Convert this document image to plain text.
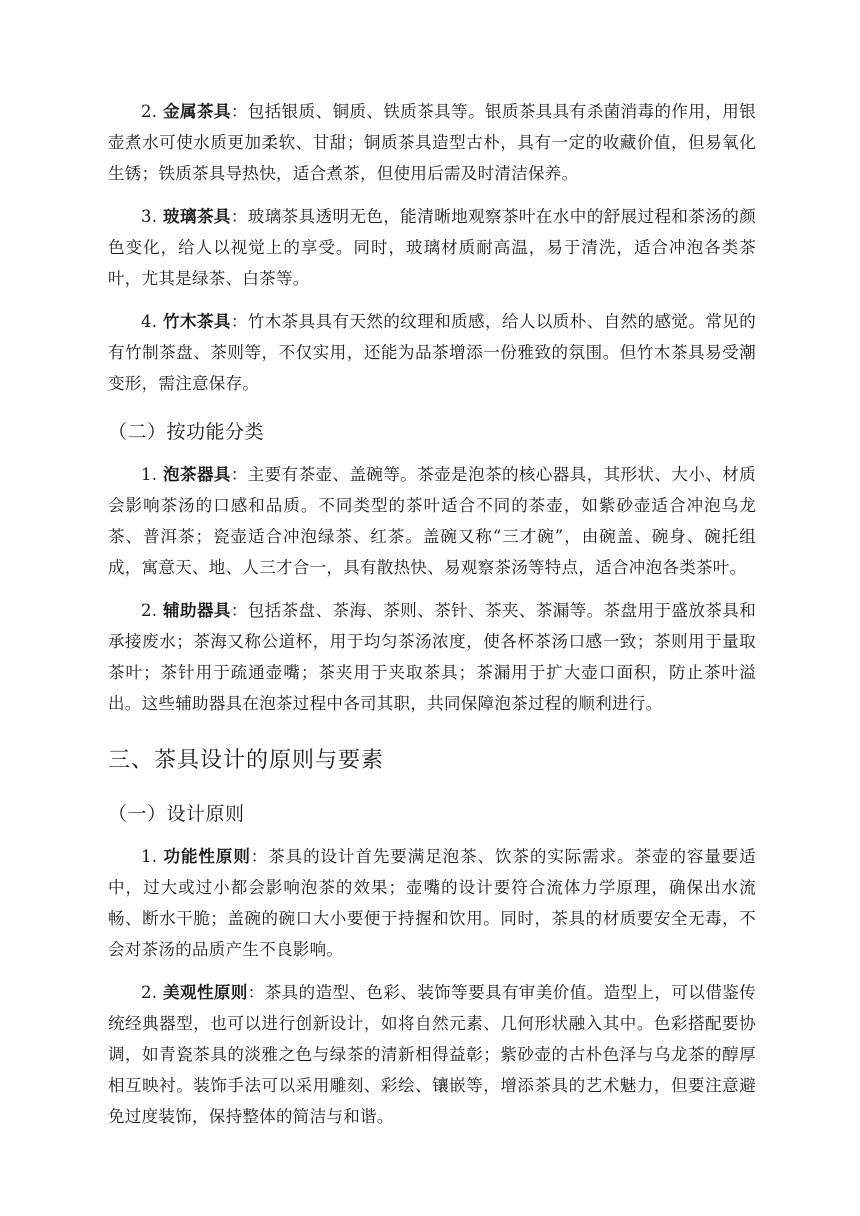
2. 金属茶具：包括银质、铜质、铁质茶具等。银质茶具具有杀菌消毒的作用，用银壶煮水可使水质更加柔软、甘甜；铜质茶具造型古朴，具有一定的收藏价值，但易氧化生锈；铁质茶具导热快，适合煮茶，但使用后需及时清洁保养。

3. 玻璃茶具：玻璃茶具透明无色，能清晰地观察茶叶在水中的舒展过程和茶汤的颜色变化，给人以视觉上的享受。同时，玻璃材质耐高温，易于清洗，适合冲泡各类茶叶，尤其是绿茶、白茶等。

4. 竹木茶具：竹木茶具具有天然的纹理和质感，给人以质朴、自然的感觉。常见的有竹制茶盘、茶则等，不仅实用，还能为品茶增添一份雅致的氛围。但竹木茶具易受潮变形，需注意保存。

（二）按功能分类

1. 泡茶器具：主要有茶壶、盖碗等。茶壶是泡茶的核心器具，其形状、大小、材质会影响茶汤的口感和品质。不同类型的茶叶适合不同的茶壶，如紫砂壶适合冲泡乌龙茶、普洱茶；瓷壶适合冲泡绿茶、红茶。盖碗又称“三才碗”，由碗盖、碗身、碗托组成，寓意天、地、人三才合一，具有散热快、易观察茶汤等特点，适合冲泡各类茶叶。

2. 辅助器具：包括茶盘、茶海、茶则、茶针、茶夹、茶漏等。茶盘用于盛放茶具和承接废水；茶海又称公道杯，用于均匀茶汤浓度，使各杯茶汤口感一致；茶则用于量取茶叶；茶针用于疏通壶嘴；茶夹用于夹取茶具；茶漏用于扩大壶口面积，防止茶叶溢出。这些辅助器具在泡茶过程中各司其职，共同保障泡茶过程的顺利进行。

三、茶具设计的原则与要素
（一）设计原则

1. 功能性原则：茶具的设计首先要满足泡茶、饮茶的实际需求。茶壶的容量要适中，过大或过小都会影响泡茶的效果；壶嘴的设计要符合流体力学原理，确保出水流畅、断水干脆；盖碗的碗口大小要便于持握和饮用。同时，茶具的材质要安全无毒，不会对茶汤的品质产生不良影响。

2. 美观性原则：茶具的造型、色彩、装饰等要具有审美价值。造型上，可以借鉴传统经典器型，也可以进行创新设计，如将自然元素、几何形状融入其中。色彩搭配要协调，如青瓷茶具的淡雅之色与绿茶的清新相得益彰；紫砂壶的古朴色泽与乌龙茶的醇厚相互映衬。装饰手法可以采用雕刻、彩绘、镶嵌等，增添茶具的艺术魅力，但要注意避免过度装饰，保持整体的简洁与和谐。
